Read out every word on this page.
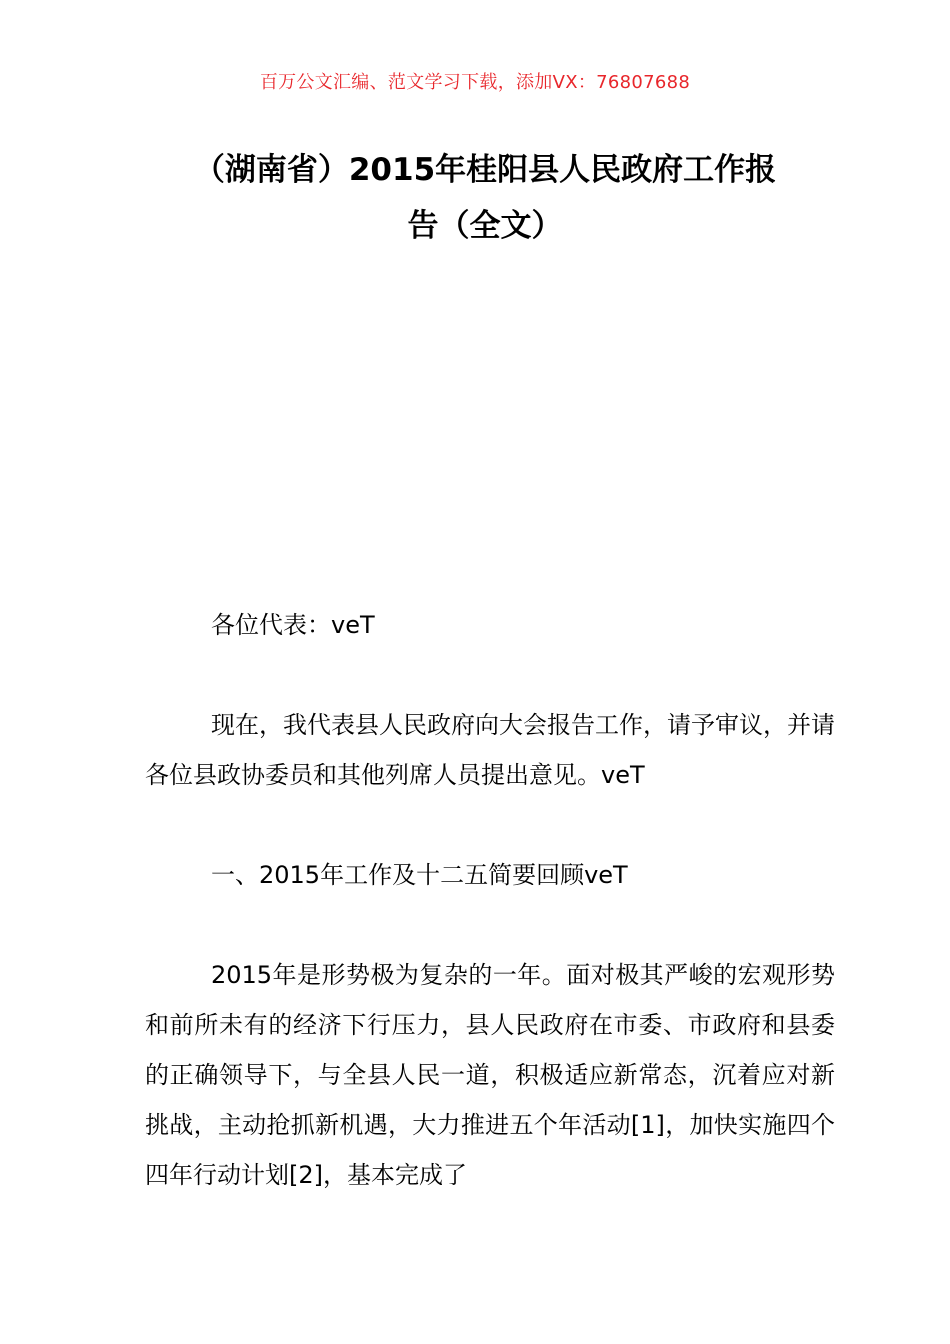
百万公文汇编、范文学习下载，添加VX：76807688
（湖南省）2015年桂阳县人民政府工作报
告（全文）

各位代表：veT

现在，我代表县人民政府向大会报告工作，请予审议，并请各位县政协委员和其他列席人员提出意见。veT

一、2015年工作及十二五简要回顾veT

2015年是形势极为复杂的一年。面对极其严峻的宏观形势和前所未有的经济下行压力，县人民政府在市委、市政府和县委的正确领导下，与全县人民一道，积极适应新常态，沉着应对新挑战，主动抢抓新机遇，大力推进五个年活动[1]，加快实施四个四年行动计划[2]，基本完成了
